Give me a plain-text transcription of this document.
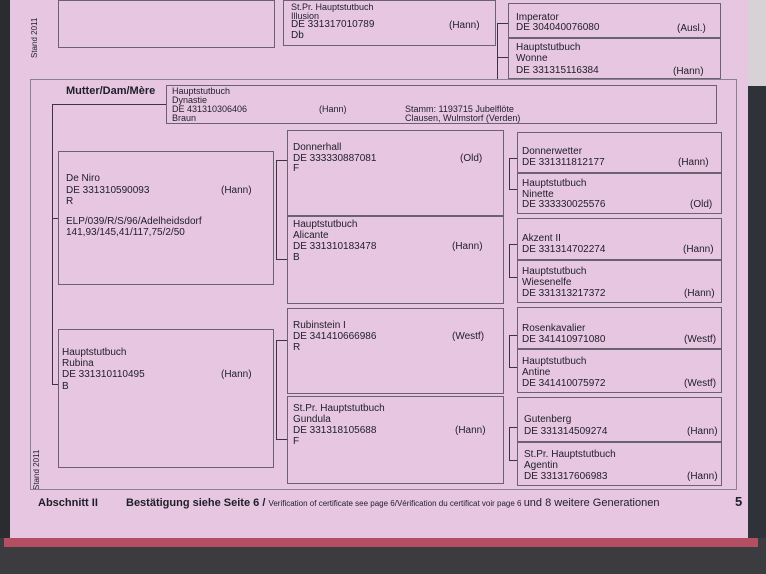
Stand 2011
Stand 2011
St.Pr. Hauptstutbuch
Illusion
DE 331317010789	(Hann)
Db
Imperator
DE 304040076080	(Ausl.)
Hauptstutbuch
Wonne
DE 331315116384	(Hann)
Mutter/Dam/Mère Hauptstutbuch
Dynastie
DE 431310306406	(Hann)	Stamm: 1193715 Jubelflöte
Braun	Clausen, Wulmstorf (Verden)
De Niro
DE 331310590093	(Hann)
R
ELP/039/R/S/96/Adelheidsdorf
141,93/145,41/117,75/2/50
Hauptstutbuch
Rubina
DE 331310110495	(Hann)
B
Donnerhall
DE 333330887081	(Old)
F
Hauptstutbuch
Alicante
DE 331310183478	(Hann)
B
Rubinstein I
DE 341410666986	(Westf)
R
St.Pr. Hauptstutbuch
Gundula
DE 331318105688	(Hann)
F
Donnerwetter
DE 331311812177	(Hann)
Hauptstutbuch
Ninette
DE 333330025576	(Old)
Akzent II
DE 331314702274	(Hann)
Hauptstutbuch
Wiesenelfe
DE 331313217372	(Hann)
Rosenkavalier
DE 341410971080	(Westf)
Hauptstutbuch
Antine
DE 341410075972	(Westf)
Gutenberg
DE 331314509274	(Hann)
St.Pr. Hauptstutbuch
Agentin
DE 331317606983	(Hann)
Abschnitt II	Bestätigung siehe Seite 6 / Verification of certificate see page 6/Vérification du certificat voir page 6 und 8 weitere Generationen	5
